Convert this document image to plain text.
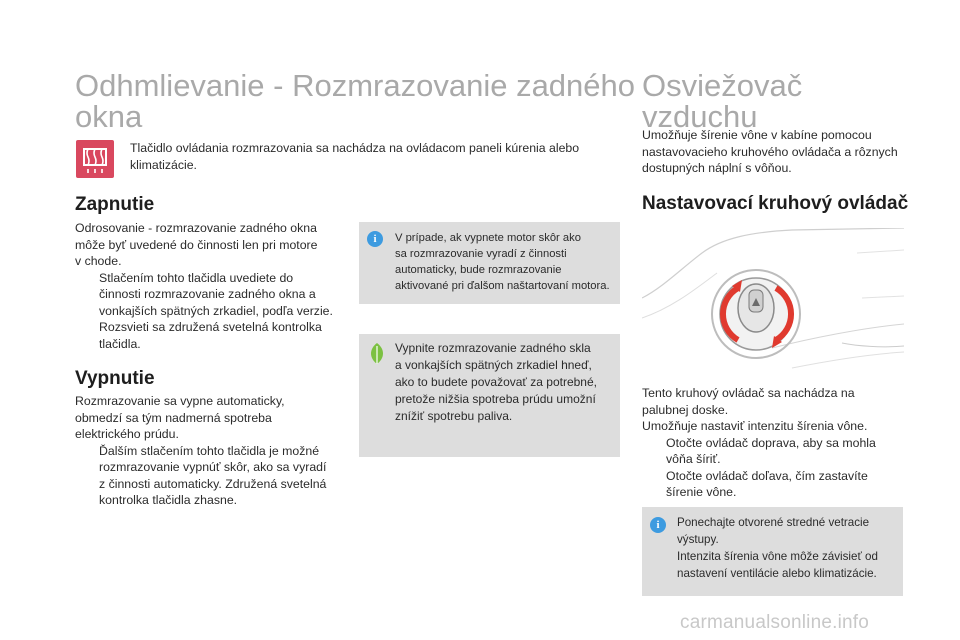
Odhmlievanie - Rozmrazovanie zadného
okna
Tlačidlo ovládania rozmrazovania sa nachádza na ovládacom paneli kúrenia alebo
klimatizácie.
Zapnutie
Odrosovanie - rozmrazovanie zadného okna
môže byť uvedené do činnosti len pri motore
v chode.
Stlačením tohto tlačidla uvediete do
činnosti rozmrazovanie zadného okna a
vonkajších spätných zrkadiel, podľa verzie.
Rozsvieti sa združená svetelná kontrolka
tlačidla.
Vypnutie
Rozmrazovanie sa vypne automaticky,
obmedzí sa tým nadmerná spotreba
elektrického prúdu.
Ďalším stlačením tohto tlačidla je možné
rozmrazovanie vypnúť skôr, ako sa vyradí
z činnosti automaticky. Združená svetelná
kontrolka tlačidla zhasne.
i	V prípade, ak vypnete motor skôr ako
sa rozmrazovanie vyradí z činnosti
automaticky, bude rozmrazovanie
aktivované pri ďalšom naštartovaní motora.
Vypnite rozmrazovanie zadného skla
a vonkajších spätných zrkadiel hneď,
ako to budete považovať za potrebné,
pretože nižšia spotreba prúdu umožní
znížiť spotrebu paliva.
Osviežovač
vzduchu
Umožňuje šírenie vône v kabíne pomocou
nastavovacieho kruhového ovládača a rôznych
dostupných náplní s vôňou.
Nastavovací kruhový ovládač
Tento kruhový ovládač sa nachádza na
palubnej doske.
Umožňuje nastaviť intenzitu šírenia vône.
Otočte ovládač doprava, aby sa mohla
vôňa šíriť.
Otočte ovládač doľava, čím zastavíte
šírenie vône.
i	Ponechajte otvorené stredné vetracie
výstupy.
Intenzita šírenia vône môže závisieť od
nastavení ventilácie alebo klimatizácie.
carmanualsonline.info
